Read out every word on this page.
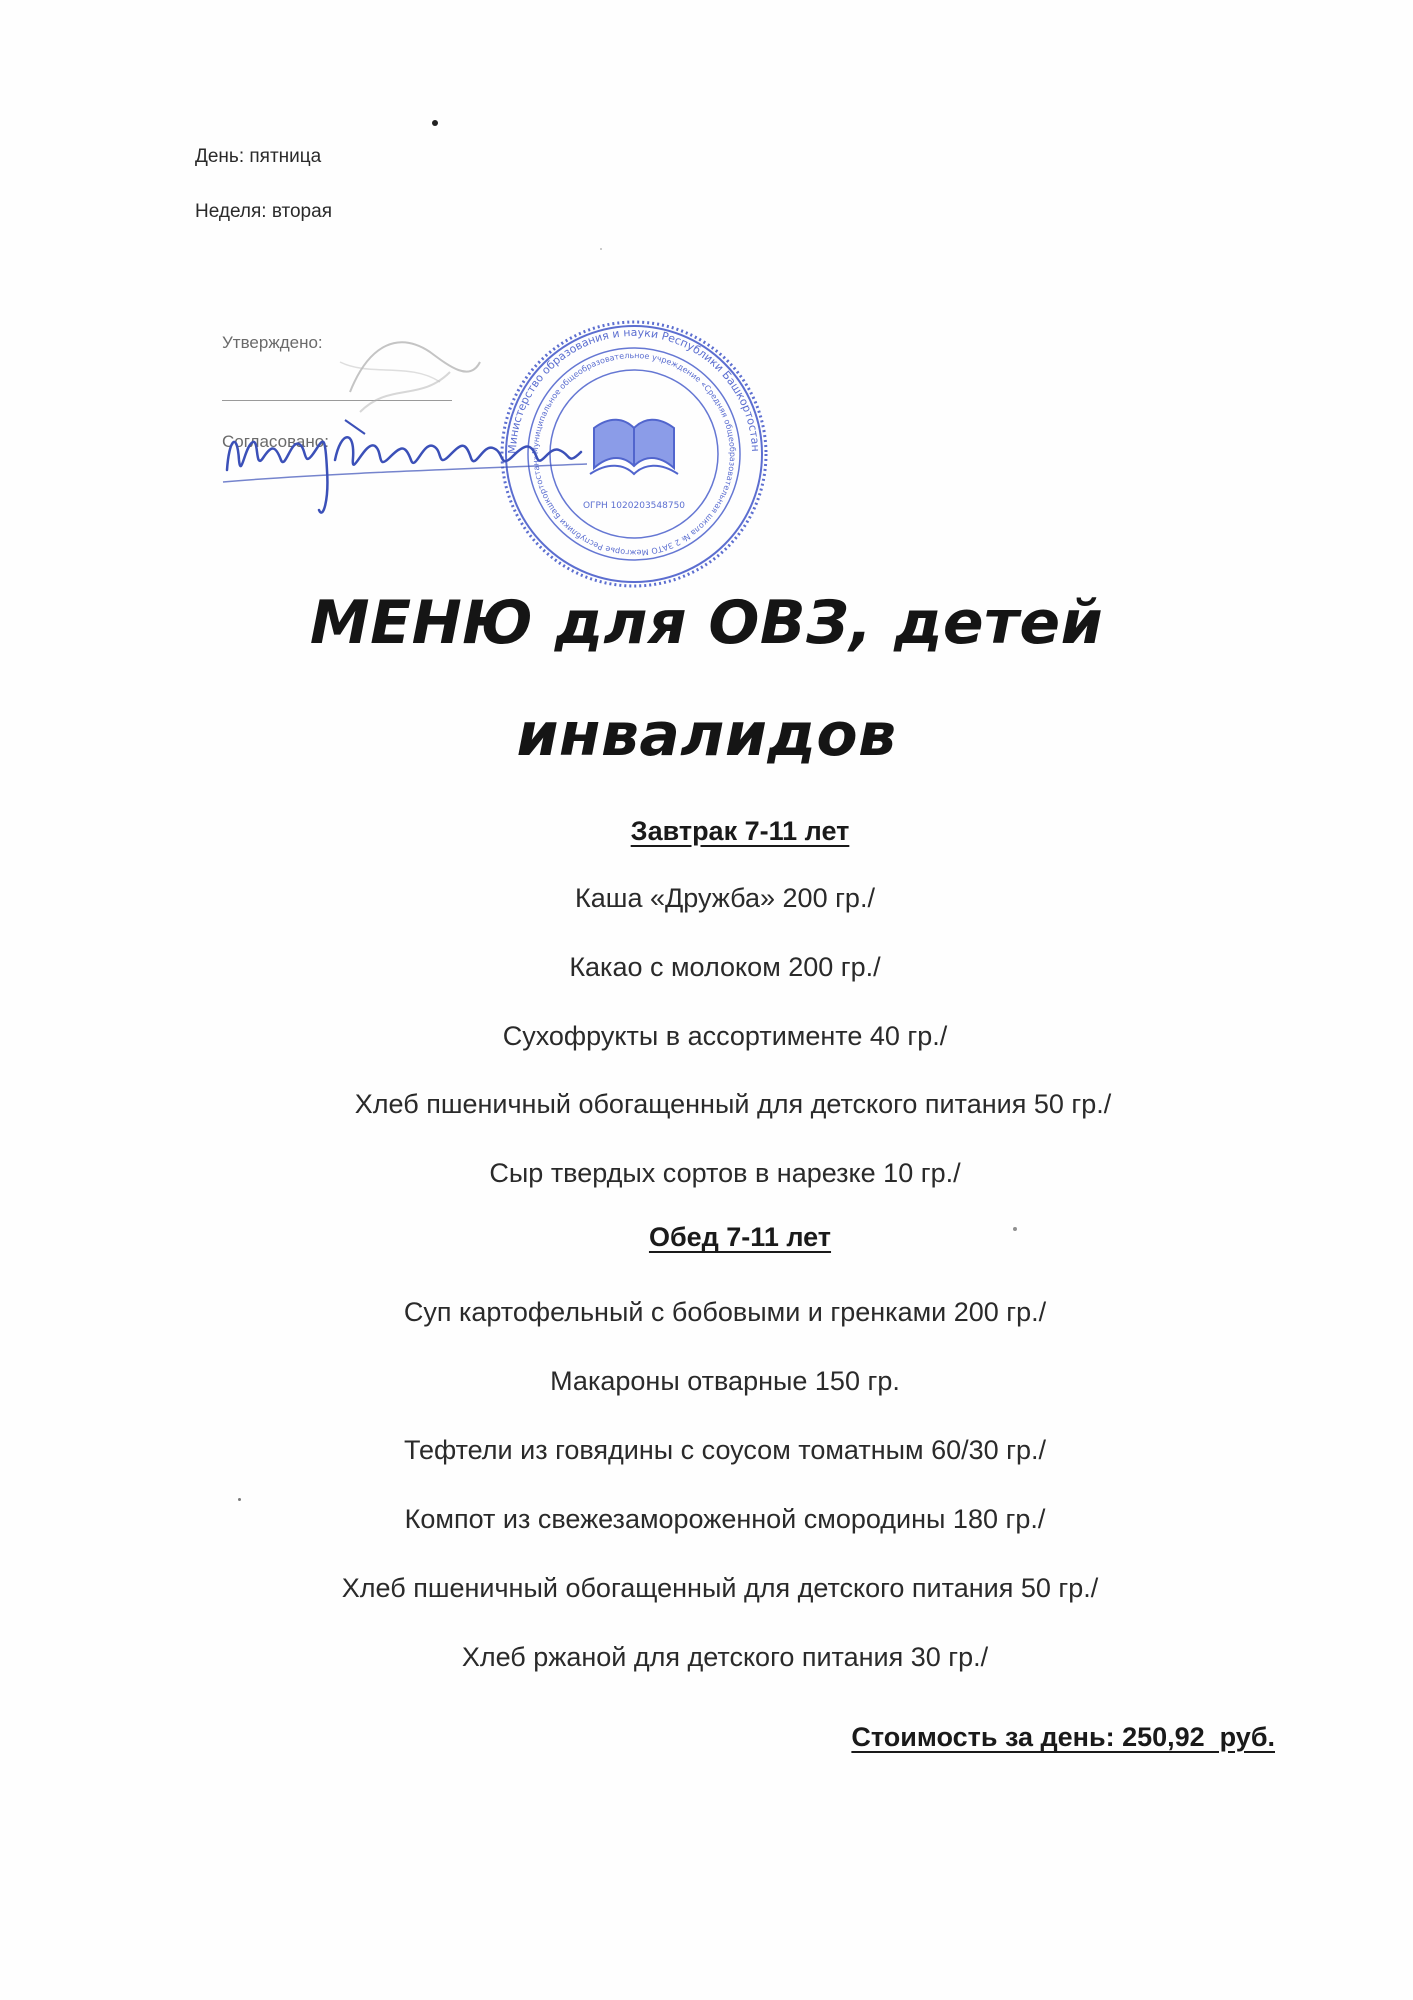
День: пятница
Неделя: вторая
Утверждено:
Согласовано:	Министерство образования и науки Республики Башкортостан
Муниципальное общеобразовательное учреждение «Средняя общеобразовательная школа № 2 ЗАТО Межгорье Республики Башкортостан»
ОГРН 1020203548750
МЕНЮ для ОВЗ, детей
инвалидов
Завтрак 7-11 лет
Каша «Дружба» 200 гр./
Какао с молоком 200 гр./
Сухофрукты в ассортименте 40 гр./
Хлеб пшеничный обогащенный для детского питания 50 гр./
Сыр твердых сортов в нарезке 10 гр./
Обед 7-11 лет
Суп картофельный с бобовыми и гренками 200 гр./
Макароны отварные 150 гр.
Тефтели из говядины с соусом томатным 60/30 гр./
Компот из свежезамороженной смородины 180 гр./
Хлеб пшеничный обогащенный для детского питания 50 гр./
Хлеб ржаной для детского питания 30 гр./
Стоимость за день: 250,92  руб.
